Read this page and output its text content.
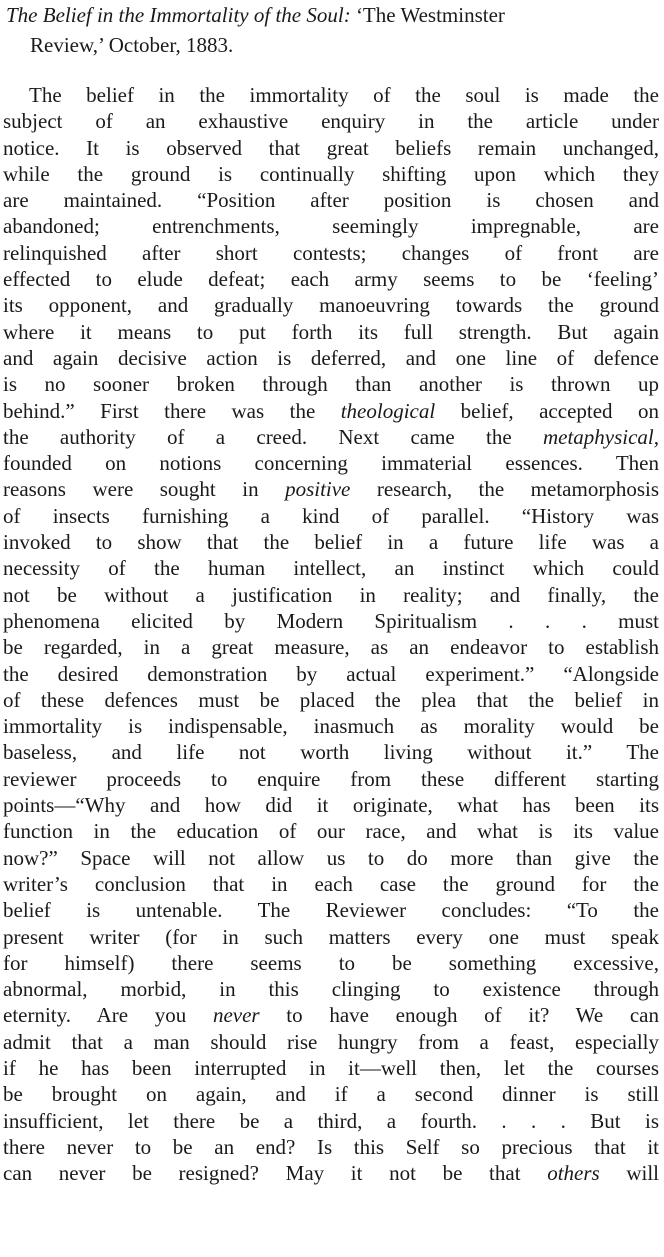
The Belief in the Immortality of the Soul: ‘The Westminster
Review,’ October, 1883.
The belief in the immortality of the soul is made the
subject of an exhaustive enquiry in the article under
notice. It is observed that great beliefs remain unchanged,
while the ground is continually shifting upon which they
are maintained. “Position after position is chosen and
abandoned; entrenchments, seemingly impregnable, are
relinquished after short contests; changes of front are
effected to elude defeat; each army seems to be ‘feeling’
its opponent, and gradually manoeuvring towards the ground
where it means to put forth its full strength. But again
and again decisive action is deferred, and one line of defence
is no sooner broken through than another is thrown up
behind.” First there was the theological belief, accepted on
the authority of a creed. Next came the metaphysical,
founded on notions concerning immaterial essences. Then
reasons were sought in positive research, the metamorphosis
of insects furnishing a kind of parallel. “History was
invoked to show that the belief in a future life was a
necessity of the human intellect, an instinct which could
not be without a justification in reality; and finally, the
phenomena elicited by Modern Spiritualism . . . must
be regarded, in a great measure, as an endeavor to establish
the desired demonstration by actual experiment.” “Alongside
of these defences must be placed the plea that the belief in
immortality is indispensable, inasmuch as morality would be
baseless, and life not worth living without it.” The
reviewer proceeds to enquire from these different starting
points—“Why and how did it originate, what has been its
function in the education of our race, and what is its value
now?” Space will not allow us to do more than give the
writer’s conclusion that in each case the ground for the
belief is untenable. The Reviewer concludes: “To the
present writer (for in such matters every one must speak
for himself) there seems to be something excessive,
abnormal, morbid, in this clinging to existence through
eternity. Are you never to have enough of it? We can
admit that a man should rise hungry from a feast, especially
if he has been interrupted in it—well then, let the courses
be brought on again, and if a second dinner is still
insufficient, let there be a third, a fourth. . . . But is
there never to be an end? Is this Self so precious that it
can never be resigned? May it not be that others will
